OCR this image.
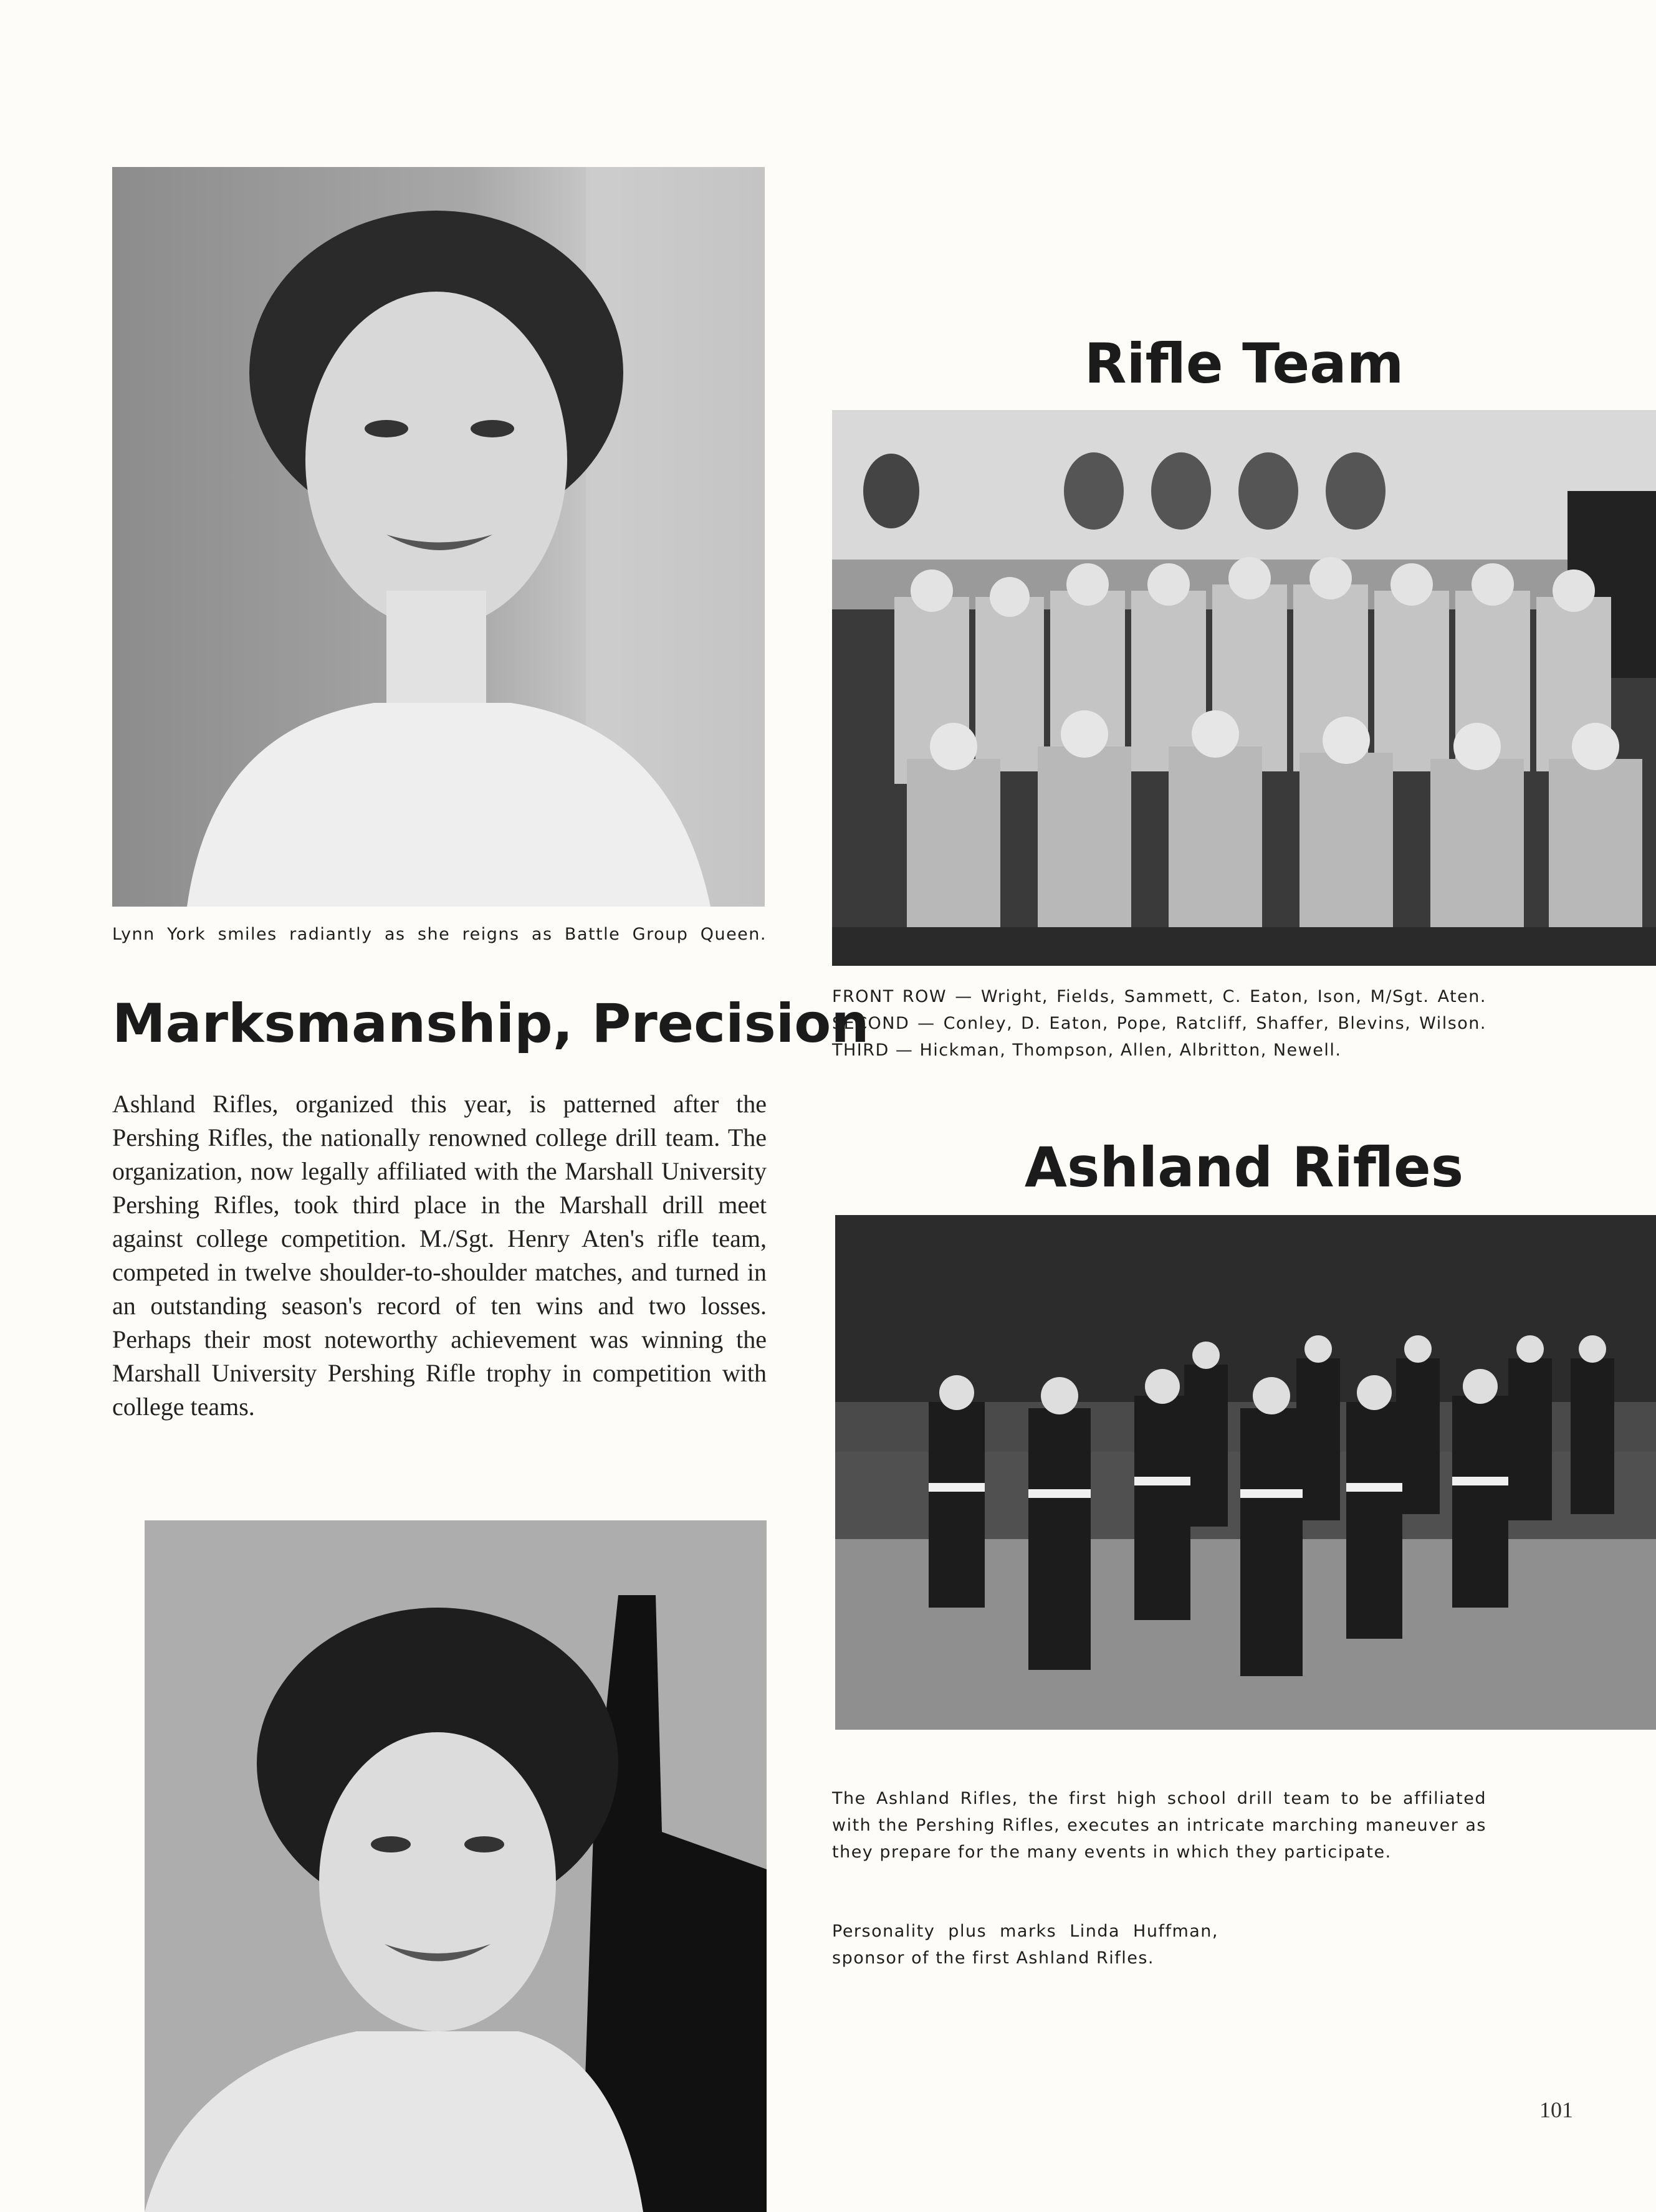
Lynn York smiles radiantly as she reigns as Battle Group Queen.
Marksmanship, Precision
Ashland Rifles, organized this year, is patterned after the Pershing Rifles, the nationally renowned college drill team. The organization, now legally affiliated with the Marshall University Pershing Rifles, took third place in the Marshall drill meet against college competition. M./Sgt. Henry Aten's rifle team, competed in twelve shoulder-to-shoulder matches, and turned in an outstanding season's record of ten wins and two losses. Perhaps their most noteworthy achievement was winning the Marshall University Pershing Rifle trophy in competition with college teams.
Rifle Team
FRONT ROW — Wright, Fields, Sammett, C. Eaton, Ison, M/Sgt. Aten. SECOND — Conley, D. Eaton, Pope, Ratcliff, Shaffer, Blevins, Wilson. THIRD — Hickman, Thompson, Allen, Albritton, Newell.
Ashland Rifles
The Ashland Rifles, the first high school drill team to be affiliated with the Pershing Rifles, executes an intricate marching maneuver as they prepare for the many events in which they participate.
Personality plus marks Linda Huffman, sponsor of the first Ashland Rifles.
101
